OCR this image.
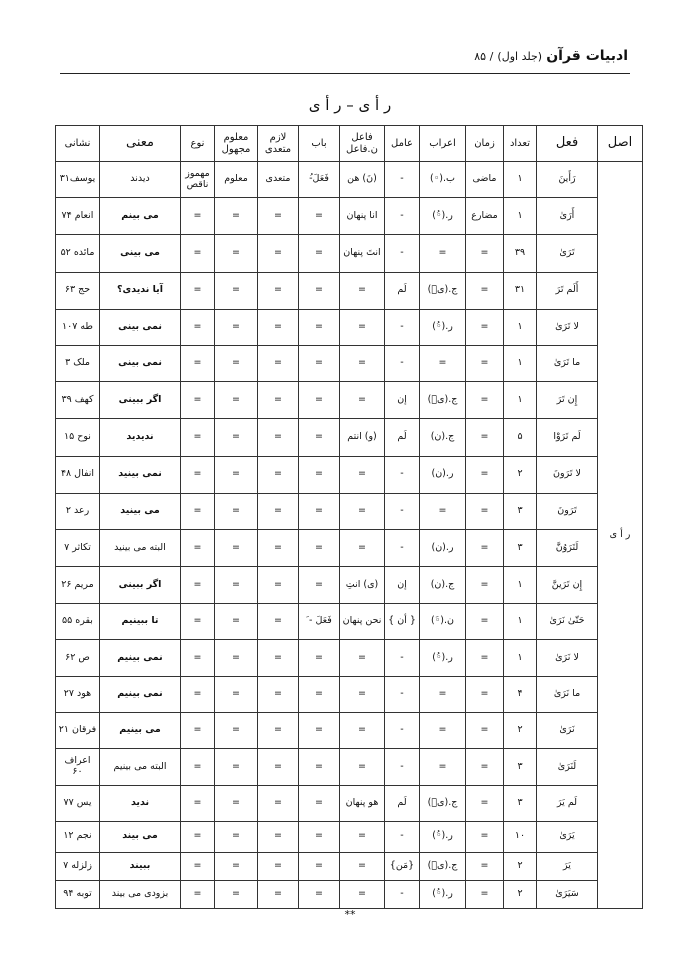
ادبیات قرآن (جلد اول) / ۸۵
ر أ ی – ر أ ی
اصل	فعل	تعداد	زمان	اعراب	عامل	فاعل ن.فاعل	باب	لازم متعدی	معلوم مجهول	نوع	معنی	نشانی
ر أ ی	رَأَينَ	۱	ماضی	ب.(◦)	-	(نَ) هن	فَعَلَ-ُ	متعدی	معلوم	مهموز ناقص	دیدند	یوسف۳۱
	أَرَىٰ	۱	مضارع	ر.(◦ُ)	-	انا پنهان	=	=	=	=	می بینم	انعام ۷۴
	تَرَىٰ	۳۹	=	=	-	انتَ پنهان	=	=	=	=	می بینی	مائده ۵۲
	أَلَم تَرَ	۳۱	=	ج.(یٖ)	لَم	=	=	=	=	=	آیا ندیدی؟	حج ۶۳
	لا تَرَىٰ	۱	=	ر.(◦ُ)	-	=	=	=	=	=	نمی بینی	طه ۱۰۷
	ما تَرَىٰ	۱	=	=	-	=	=	=	=	=	نمی بینی	ملک ۳
	إِن تَرَ	۱	=	ج.(یٖ)	إن	=	=	=	=	=	اگر ببینی	کهف ۳۹
	لَم تَرَوْا	۵	=	ج.(ن)	لَم	(و) انتم	=	=	=	=	ندیدید	نوح ۱۵
	لا تَرَونَ	۲	=	ر.(ن)	-	=	=	=	=	=	نمی بینید	انفال ۴۸
	تَرَونَ	۳	=	=	-	=	=	=	=	=	می بینید	رعد ۲
	لَتَرَوُنَّ	۳	=	ر.(ن)	-	=	=	=	=	=	البته می بینید	تکاثر ۷
	إِن تَرَينَّ	۱	=	ج.(ن)	إن	(ی) انتِ	=	=	=	=	اگر ببینی	مریم ۲۶
	حَتّیٰ نَرَیٰ	۱	=	ن.(◦َ)	{ أن }	نحن پنهان	فَعَلَ - َ	=	=	=	تا ببینیم	بقره ۵۵
	لا نَرَىٰ	۱	=	ر.(◦ُ)	-	=	=	=	=	=	نمی بینیم	ص ۶۲
	ما نَرَىٰ	۴	=	=	-	=	=	=	=	=	نمی بینیم	هود ۲۷
	نَرَىٰ	۲	=	=	-	=	=	=	=	=	می بینیم	فرقان ۲۱
	لَنَرَىٰ	۳	=	=	-	=	=	=	=	=	البته می بینیم	اعراف ۶۰
	لَم يَرَ	۳	=	ج.(یٖ)	لَم	هو پنهان	=	=	=	=	ندید	یس ۷۷
	يَرَىٰ	۱۰	=	ر.(◦ُ)	-	=	=	=	=	=	می بیند	نجم ۱۲
	يَرَ	۲	=	ج.(یٖ)	{مَن}	=	=	=	=	=	ببیند	زلزله ۷
	سَيَرَىٰ	۲	=	ر.(◦ُ)	-	=	=	=	=	=	بزودی می بیند	توبه ۹۴
**
